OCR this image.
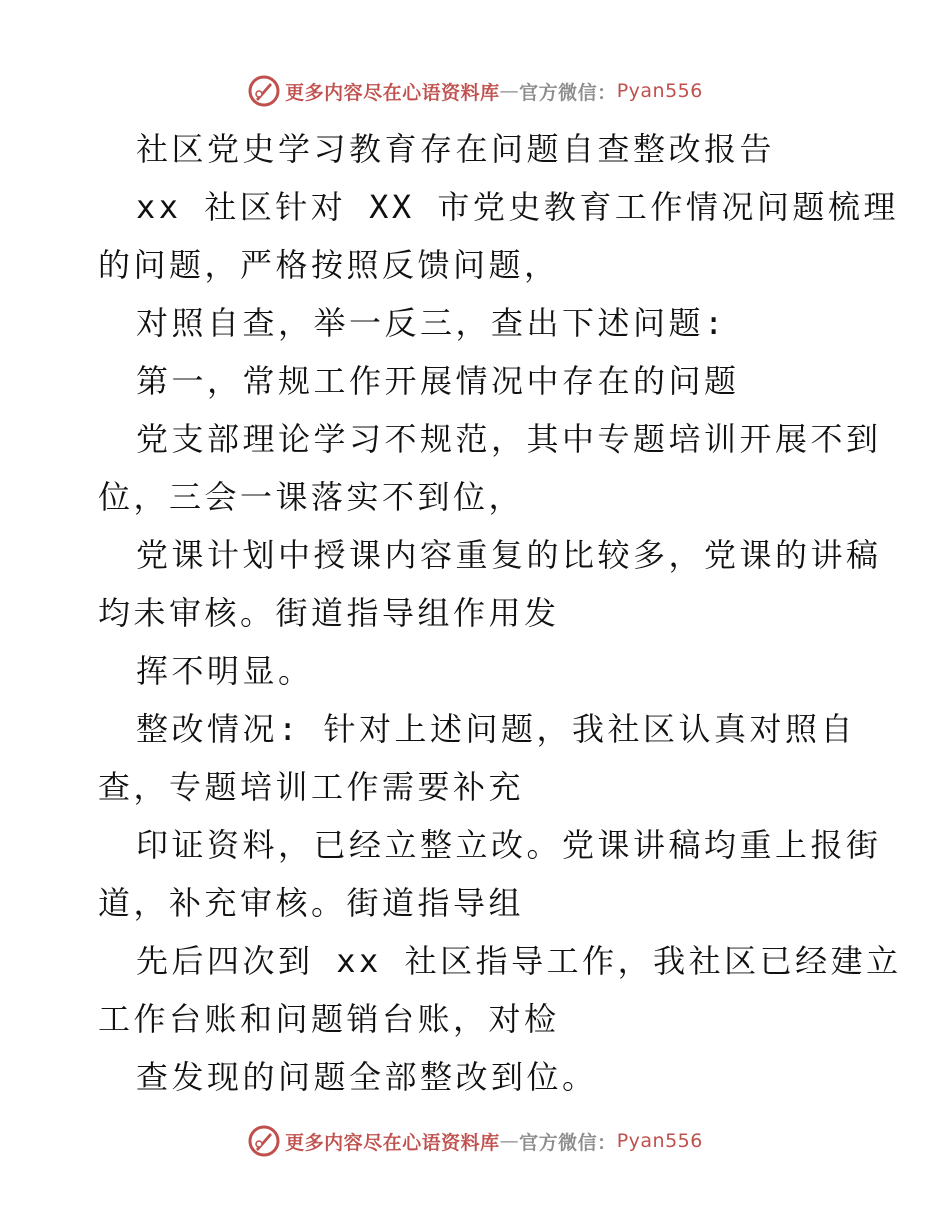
更多内容尽在心语资料库 — 官方微信： Pyan556
社区党史学习教育存在问题自查整改报告
xx 社区针对 XX 市党史教育工作情况问题梳理
的问题，严格按照反馈问题，
对照自查，举一反三，查出下述问题:
第一，常规工作开展情况中存在的问题
党支部理论学习不规范，其中专题培训开展不到
位，三会一课落实不到位，
党课计划中授课内容重复的比较多，党课的讲稿
均未审核。街道指导组作用发
挥不明显。
整改情况: 针对上述问题，我社区认真对照自
查，专题培训工作需要补充
印证资料，已经立整立改。党课讲稿均重上报街
道，补充审核。街道指导组
先后四次到 xx 社区指导工作，我社区已经建立
工作台账和问题销台账，对检
查发现的问题全部整改到位。
更多内容尽在心语资料库 — 官方微信： Pyan556
